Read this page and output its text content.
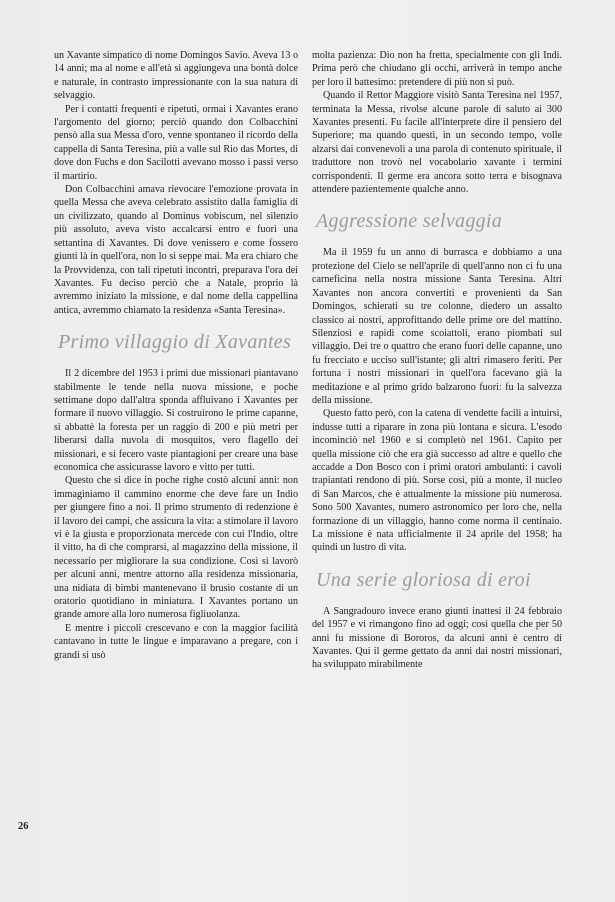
un Xavante simpatico di nome Domingos Savio. Aveva 13 o 14 anni; ma al nome e all'età si aggiungeva una bontà dolce e naturale, in contrasto impressionante con la sua natura di selvaggio.

Per i contatti frequenti e ripetuti, ormai i Xavantes erano l'argomento del giorno; perciò quando don Colbacchini pensò alla sua Messa d'oro, venne spontaneo il ricordo della cappella di Santa Teresina, più a valle sul Rio das Mortes, di dove don Fuchs e don Sacilotti avevano mosso i passi verso il martirio.

Don Colbacchini amava rievocare l'emozione provata in quella Messa che aveva celebrato assistito dalla famiglia di un civilizzato, quando al Dominus vobiscum, nel silenzio più assoluto, aveva visto accalcarsi entro e fuori una settantina di Xavantes. Di dove venissero e come fossero giunti là in quell'ora, non lo si seppe mai. Ma era chiaro che la Provvidenza, con tali ripetuti incontri, preparava l'ora dei Xavantes. Fu deciso perciò che a Natale, proprio là avremmo iniziato la missione, e dal nome della cappellina antica, avremmo chiamato la residenza «Santa Teresina».

Primo villaggio di Xavantes

Il 2 dicembre del 1953 i primi due missionari piantavano stabilmente le tende nella nuova missione, e poche settimane dopo dall'altra sponda affluivano i Xavantes per formare il nuovo villaggio. Si costruirono le prime capanne, si abbattè la foresta per un raggio di 200 e più metri per liberarsi dalla nuvola di mosquitos, vero flagello dei missionari, e si fecero vaste piantagioni per creare una base economica che assicurasse lavoro e vitto per tutti.

Questo che si dice in poche righe costò alcuni anni: non immaginiamo il cammino enorme che deve fare un Indio per giungere fino a noi. Il primo strumento di redenzione è il lavoro dei campi, che assicura la vita: a stimolare il lavoro vi è la giusta e proporzionata mercede con cui l'Indio, oltre il vitto, ha di che comprarsi, al magazzino della missione, il necessario per migliorare la sua condizione. Così si lavorò per alcuni anni, mentre attorno alla residenza missionaria, una nidiata di bimbi mantenevano il brusio costante di un oratorio quotidiano in miniatura. I Xavantes portano un grande amore alla loro numerosa figliuolanza.

E mentre i piccoli crescevano e con la maggior facilità cantavano in tutte le lingue e imparavano a pregare, con i grandi si usò

molta pazienza: Dio non ha fretta, specialmente con gli Indi. Prima però che chiudano gli occhi, arriverà in tempo anche per loro il battesimo: pretendere di più non si può.

Quando il Rettor Maggiore visitò Santa Teresina nel 1957, terminata la Messa, rivolse alcune parole di saluto ai 300 Xavantes presenti. Fu facile all'interprete dire il pensiero del Superiore; ma quando questi, in un secondo tempo, volle alzarsi dai convenevoli a una parola di contenuto spirituale, il traduttore non trovò nel vocabolario xavante i termini corrispondenti. Il germe era ancora sotto terra e bisognava attendere pazientemente qualche anno.

Aggressione selvaggia

Ma il 1959 fu un anno di burrasca e dobbiamo a una protezione del Cielo se nell'aprile di quell'anno non ci fu una carneficina nella nostra missione Santa Teresina. Altri Xavantes non ancora convertiti e provenienti da San Domingos, schierati su tre colonne, diedero un assalto classico ai nostri, approfittando delle prime ore del mattino. Silenziosi e rapidi come scoiattoli, erano piombati sul villaggio. Dei tre o quattro che erano fuori delle capanne, uno fu frecciato e ucciso sull'istante; gli altri rimasero feriti. Per fortuna i nostri missionari in quell'ora facevano già la meditazione e al primo grido balzarono fuori: fu la salvezza della missione.

Questo fatto però, con la catena di vendette facili a intuirsi, indusse tutti a riparare in zona più lontana e sicura. L'esodo incominciò nel 1960 e si completò nel 1961. Capito per quella missione ciò che era già successo ad altre e quello che accadde a Don Bosco con i primi oratori ambulanti: i cavoli trapiantati rendono di più. Sorse così, più a monte, il nucleo di San Marcos, che è attualmente la missione più numerosa. Sono 500 Xavantes, numero astronomico per loro che, nella formazione di un villaggio, hanno come norma il centinaio. La missione è nata ufficialmente il 24 aprile del 1958; ha quindi un lustro di vita.

Una serie gloriosa di eroi

A Sangradouro invece erano giunti inattesi il 24 febbraio del 1957 e vi rimangono fino ad oggi; così quella che per 50 anni fu missione di Bororos, da alcuni anni è centro di Xavantes. Qui il germe gettato da anni dai nostri missionari, ha sviluppato mirabilmente

26
